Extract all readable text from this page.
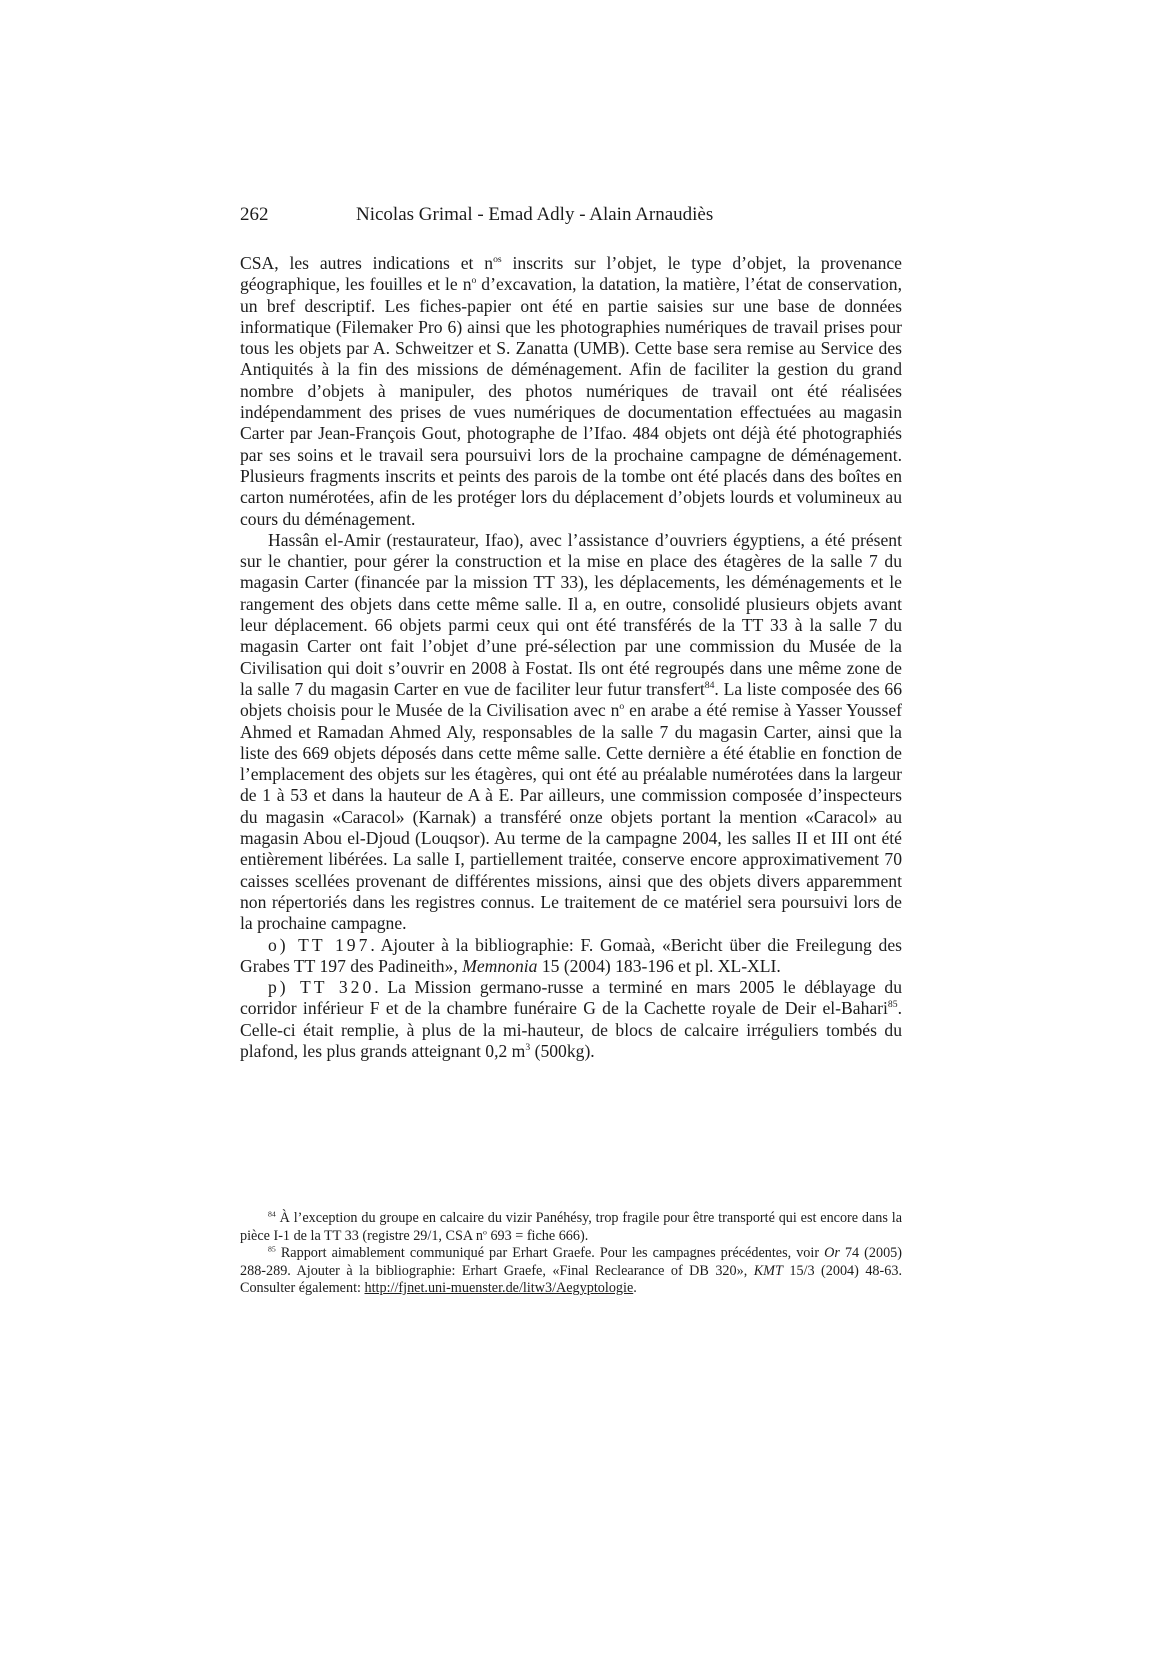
262	Nicolas Grimal - Emad Adly - Alain Arnaudiès

CSA, les autres indications et $n^{os}$ inscrits sur l’objet, le type d’objet, la provenance géographique, les fouilles et le $n^o$ d’excavation, la datation, la matière, l’état de conservation, un bref descriptif. Les fiches-papier ont été en partie saisies sur une base de données informatique (Filemaker Pro 6) ainsi que les photographies numériques de travail prises pour tous les objets par A. Schweitzer et S. Zanatta (UMB). Cette base sera remise au Service des Antiquités à la fin des missions de déménagement. Afin de faciliter la gestion du grand nombre d’objets à manipuler, des photos numériques de travail ont été réalisées indépendamment des prises de vues numériques de documentation effectuées au magasin Carter par Jean-François Gout, photographe de l’Ifao. 484 objets ont déjà été photographiés par ses soins et le travail sera poursuivi lors de la prochaine campagne de déménagement. Plusieurs fragments inscrits et peints des parois de la tombe ont été placés dans des boîtes en carton numérotées, afin de les protéger lors du déplacement d’objets lourds et volumineux au cours du déménagement.

Hassân el-Amir (restaurateur, Ifao), avec l’assistance d’ouvriers égyptiens, a été présent sur le chantier, pour gérer la construction et la mise en place des étagères de la salle 7 du magasin Carter (financée par la mission TT 33), les déplacements, les déménagements et le rangement des objets dans cette même salle. Il a, en outre, consolidé plusieurs objets avant leur déplacement. 66 objets parmi ceux qui ont été transférés de la TT 33 à la salle 7 du magasin Carter ont fait l’objet d’une pré-sélection par une commission du Musée de la Civilisation qui doit s’ouvrir en 2008 à Fostat. Ils ont été regroupés dans une même zone de la salle 7 du magasin Carter en vue de faciliter leur futur transfert$^{84}$. La liste composée des 66 objets choisis pour le Musée de la Civilisation avec $n^o$ en arabe a été remise à Yasser Youssef Ahmed et Ramadan Ahmed Aly, responsables de la salle 7 du magasin Carter, ainsi que la liste des 669 objets déposés dans cette même salle. Cette dernière a été établie en fonction de l’emplacement des objets sur les étagères, qui ont été au préalable numérotées dans la largeur de 1 à 53 et dans la hauteur de A à E. Par ailleurs, une commission composée d’inspecteurs du magasin «Caracol» (Karnak) a transféré onze objets portant la mention «Caracol» au magasin Abou el-Djoud (Louqsor). Au terme de la campagne 2004, les salles II et III ont été entièrement libérées. La salle I, partiellement traitée, conserve encore approximativement 70 caisses scellées provenant de différentes missions, ainsi que des objets divers apparemment non répertoriés dans les registres connus. Le traitement de ce matériel sera poursuivi lors de la prochaine campagne.

o) TT 197. Ajouter à la bibliographie: F. Gomaà, «Bericht über die Freilegung des Grabes TT 197 des Padineith», Memnonia 15 (2004) 183-196 et pl. XL-XLI.

p) TT 320. La Mission germano-russe a terminé en mars 2005 le déblayage du corridor inférieur F et de la chambre funéraire G de la Cachette royale de Deir el-Bahari$^{85}$. Celle-ci était remplie, à plus de la mi-hauteur, de blocs de calcaire irréguliers tombés du plafond, les plus grands atteignant 0,2 $m^3$ (500kg).

$^{84}$ À l’exception du groupe en calcaire du vizir Panéhésy, trop fragile pour être transporté qui est encore dans la pièce I-1 de la TT 33 (registre 29/1, CSA $n^o$ 693 = fiche 666).

$^{85}$ Rapport aimablement communiqué par Erhart Graefe. Pour les campagnes précédentes, voir Or 74 (2005) 288-289. Ajouter à la bibliographie: Erhart Graefe, «Final Reclearance of DB 320», KMT 15/3 (2004) 48-63. Consulter également: http://fjnet.uni-muenster.de/litw3/Aegyptologie.
